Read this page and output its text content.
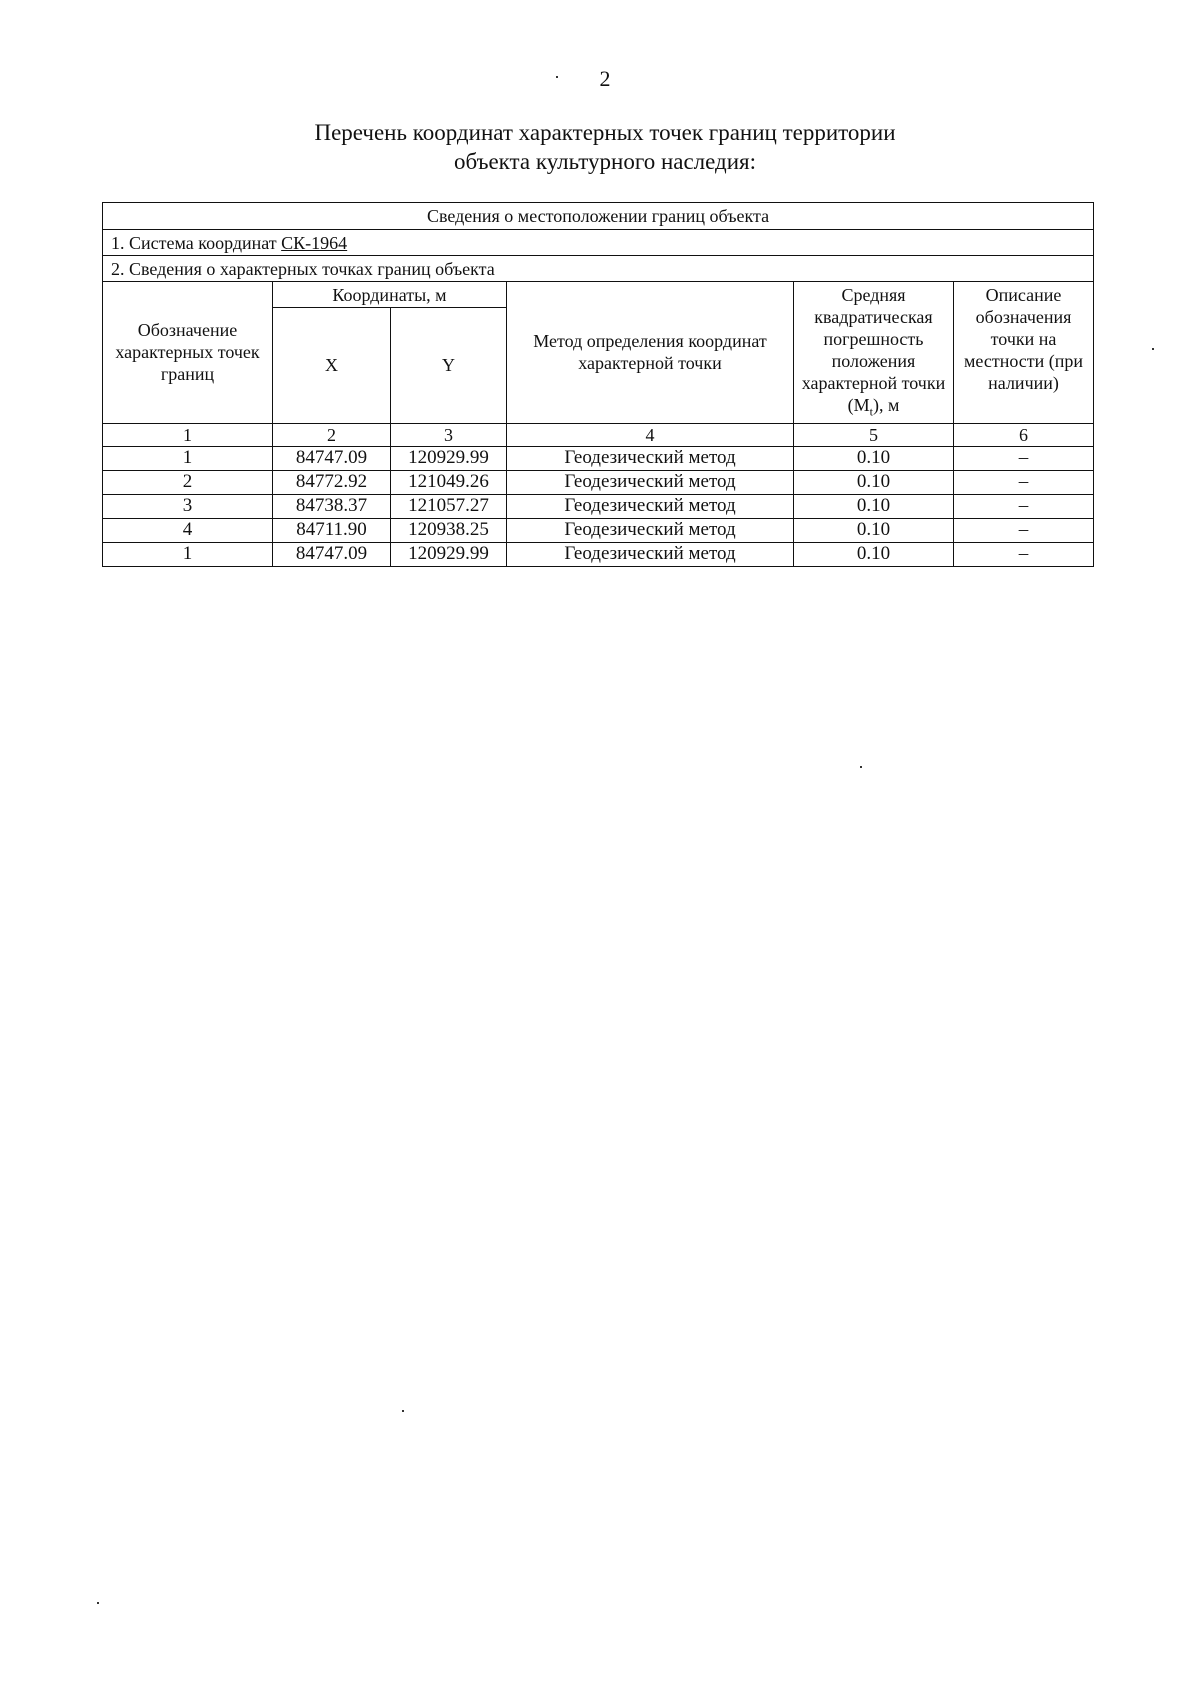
2
Перечень координат характерных точек границ территории
объекта культурного наследия:
Сведения о местоположении границ объекта					
1. Система координат СК-1964					
2. Сведения о характерных точках границ объекта					
Обозначение характерных точек границ	Координаты, м		Метод определения координат характерной точки	Средняя квадратическая погрешность положения характерной точки $(M_t)$, м	Описание обозначения точки на местности (при наличии)
	X	Y			
1	2	3	4	5	6
1	84747.09	120929.99	Геодезический метод	0.10	–
2	84772.92	121049.26	Геодезический метод	0.10	–
3	84738.37	121057.27	Геодезический метод	0.10	–
4	84711.90	120938.25	Геодезический метод	0.10	–
1	84747.09	120929.99	Геодезический метод	0.10	–
